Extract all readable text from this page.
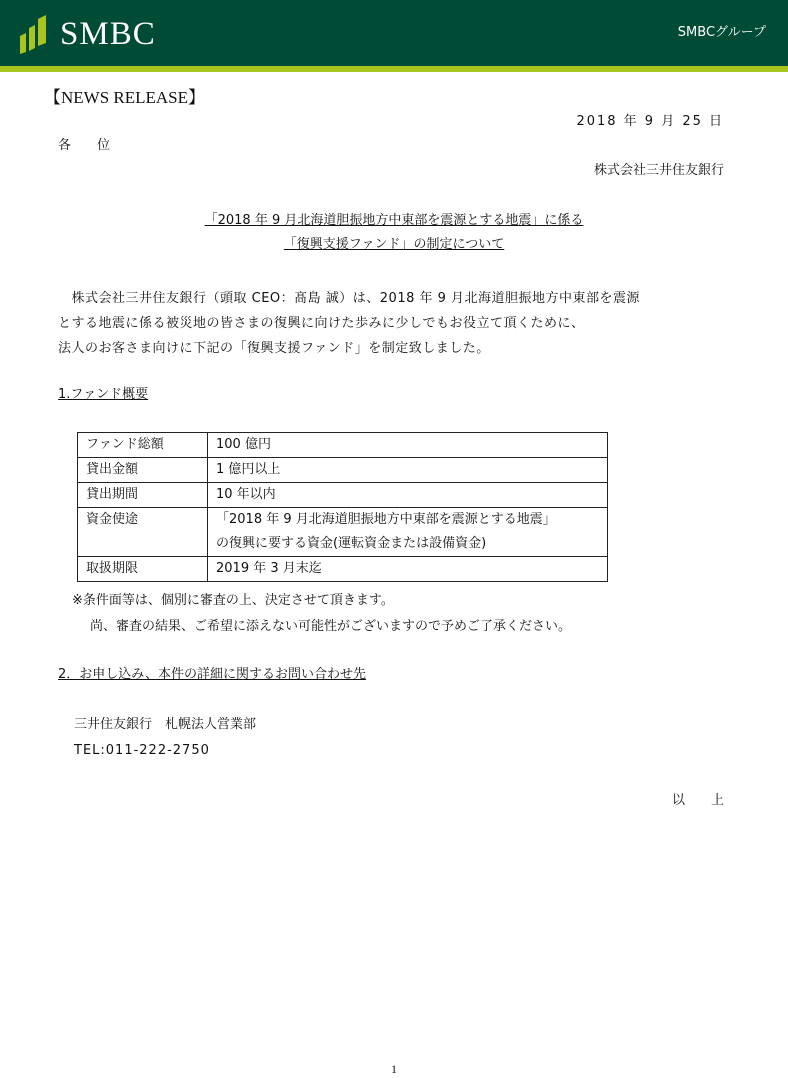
SMBC	SMBCグループ
【NEWS RELEASE】
2018 年 9 月 25 日
各　　位
株式会社三井住友銀行
「2018 年 9 月北海道胆振地方中東部を震源とする地震」に係る
「復興支援ファンド」の制定について
　株式会社三井住友銀行（頭取 CEO：髙島 誠）は、2018 年 9 月北海道胆振地方中東部を震源
とする地震に係る被災地の皆さまの復興に向けた歩みに少しでもお役立て頂くために、
法人のお客さま向けに下記の「復興支援ファンド」を制定致しました。
1.ファンド概要
ファンド総額	100 億円
貸出金額	1 億円以上
貸出期間	10 年以内
資金使途	「2018 年 9 月北海道胆振地方中東部を震源とする地震」
の復興に要する資金(運転資金または設備資金)

取扱期限	2019 年 3 月末迄
※条件面等は、個別に審査の上、決定させて頂きます。
尚、審査の結果、ご希望に添えない可能性がございますので予めご了承ください。
2．お申し込み、本件の詳細に関するお問い合わせ先
三井住友銀行　札幌法人営業部
TEL:011-222-2750
以　　上
1
